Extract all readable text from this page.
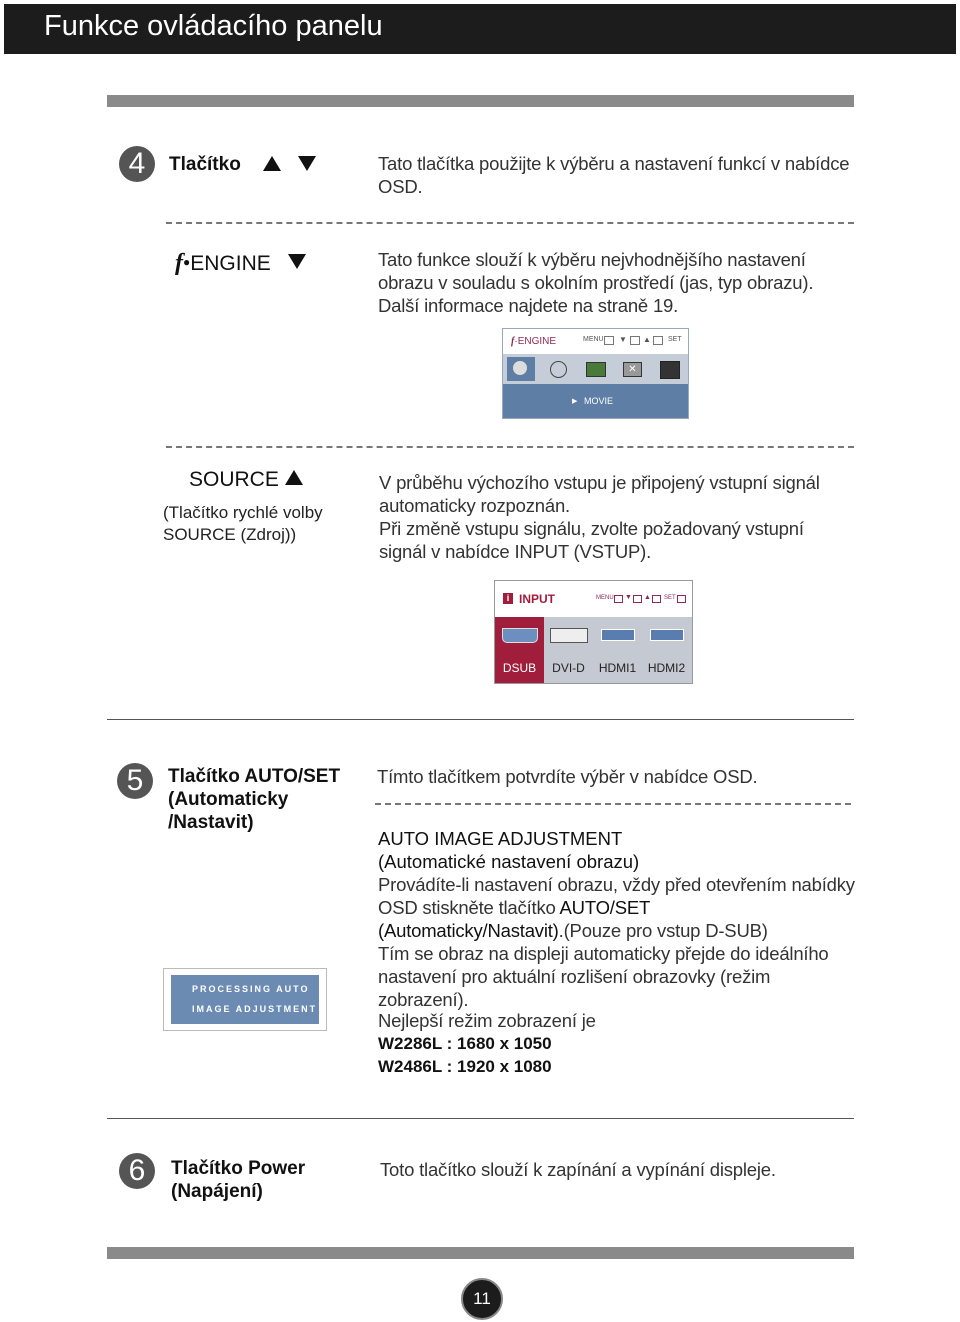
Funkce ovládacího panelu
4	Tlačítko	Tato tlačítka použijte k výběru a nastavení funkcí v nabídce OSD.
f●ENGINE	Tato funkce slouží k výběru nejvhodnějšího nastavení
obrazu v souladu s okolním prostředí (jas, typ obrazu).
Další informace najdete na straně 19.
f·ENGINE	MENU ▼ ▲ SET
✕
▶ MOVIE
SOURCE
(Tlačítko rychlé volby
SOURCE (Zdroj))
V průběhu výchozího vstupu je připojený vstupní signál
automaticky rozpoznán.
Při změně vstupu signálu, zvolte požadovaný vstupní
signál v nabídce INPUT (VSTUP).
i INPUT	MENU ▼ ▲ SET
DSUB	DVI-D	HDMI1 HDMI2
5	Tlačítko AUTO/SET
(Automaticky
/Nastavit)
Tímto tlačítkem potvrdíte výběr v nabídce OSD.
AUTO IMAGE ADJUSTMENT
(Automatické nastavení obrazu)
Provádíte-li nastavení obrazu, vždy před otevřením nabídky
OSD stiskněte tlačítko AUTO/SET
(Automaticky/Nastavit).(Pouze pro vstup D-SUB)
Tím se obraz na displeji automaticky přejde do ideálního
nastavení pro aktuální rozlišení obrazovky (režim zobrazení).
PROCESSING AUTO
IMAGE ADJUSTMENT
Nejlepší režim zobrazení je
W2286L : 1680 x 1050
W2486L : 1920 x 1080
6	Tlačítko Power
(Napájení)
Toto tlačítko slouží k zapínání a vypínání displeje.
11
